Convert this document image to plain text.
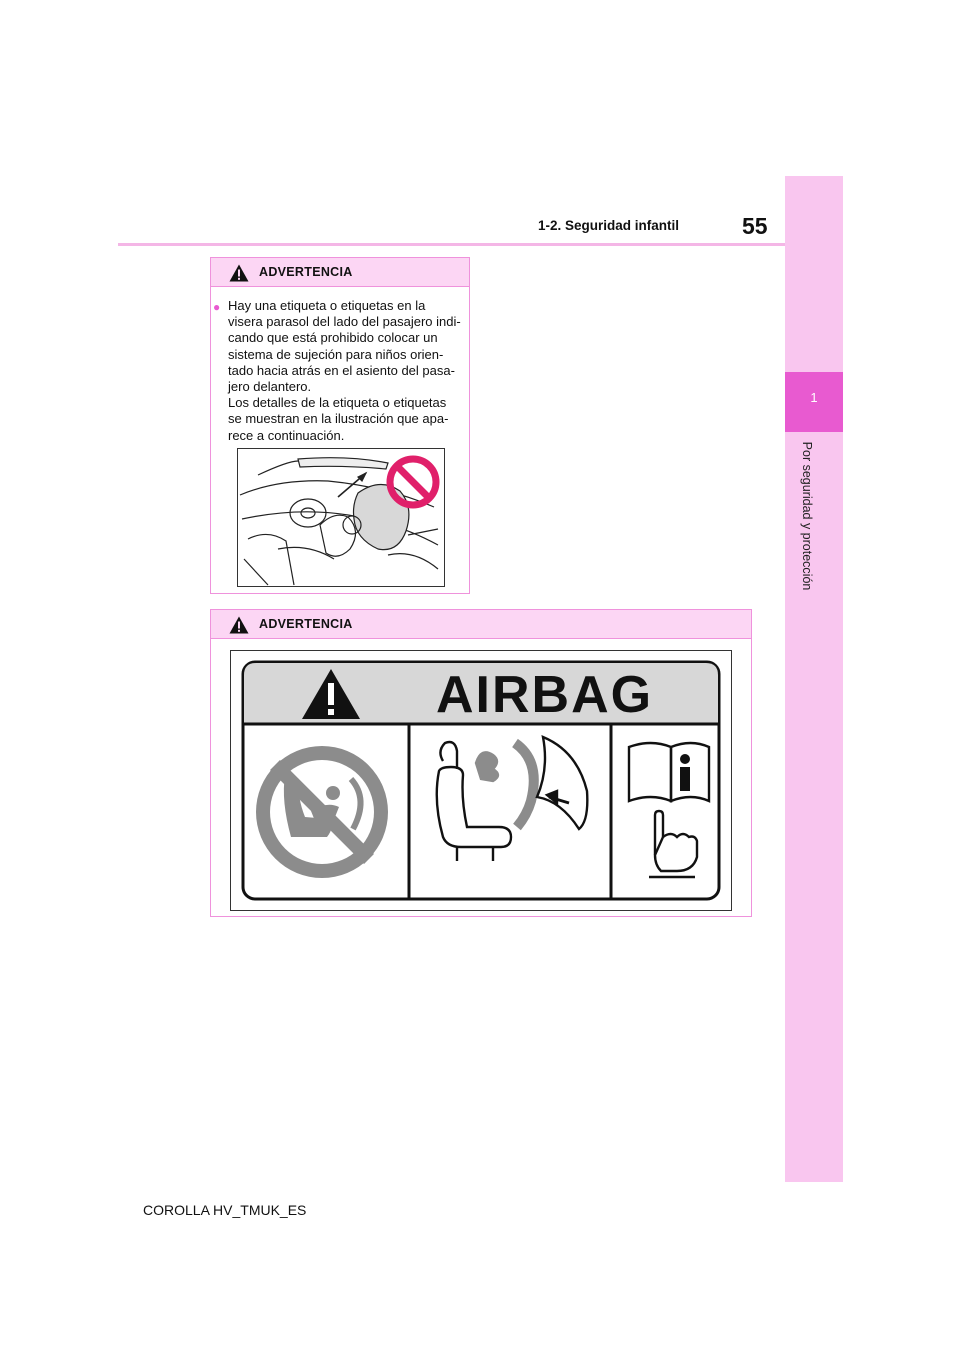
1
Por seguridad y protección
1-2. Seguridad infantil	55
ADVERTENCIA
● Hay una etiqueta o etiquetas en la
visera parasol del lado del pasajero indi-
cando que está prohibido colocar un
sistema de sujeción para niños orien-
tado hacia atrás en el asiento del pasa-
jero delantero.
Los detalles de la etiqueta o etiquetas
se muestran en la ilustración que apa-
rece a continuación.
ADVERTENCIA
AIRBAG
COROLLA HV_TMUK_ES
